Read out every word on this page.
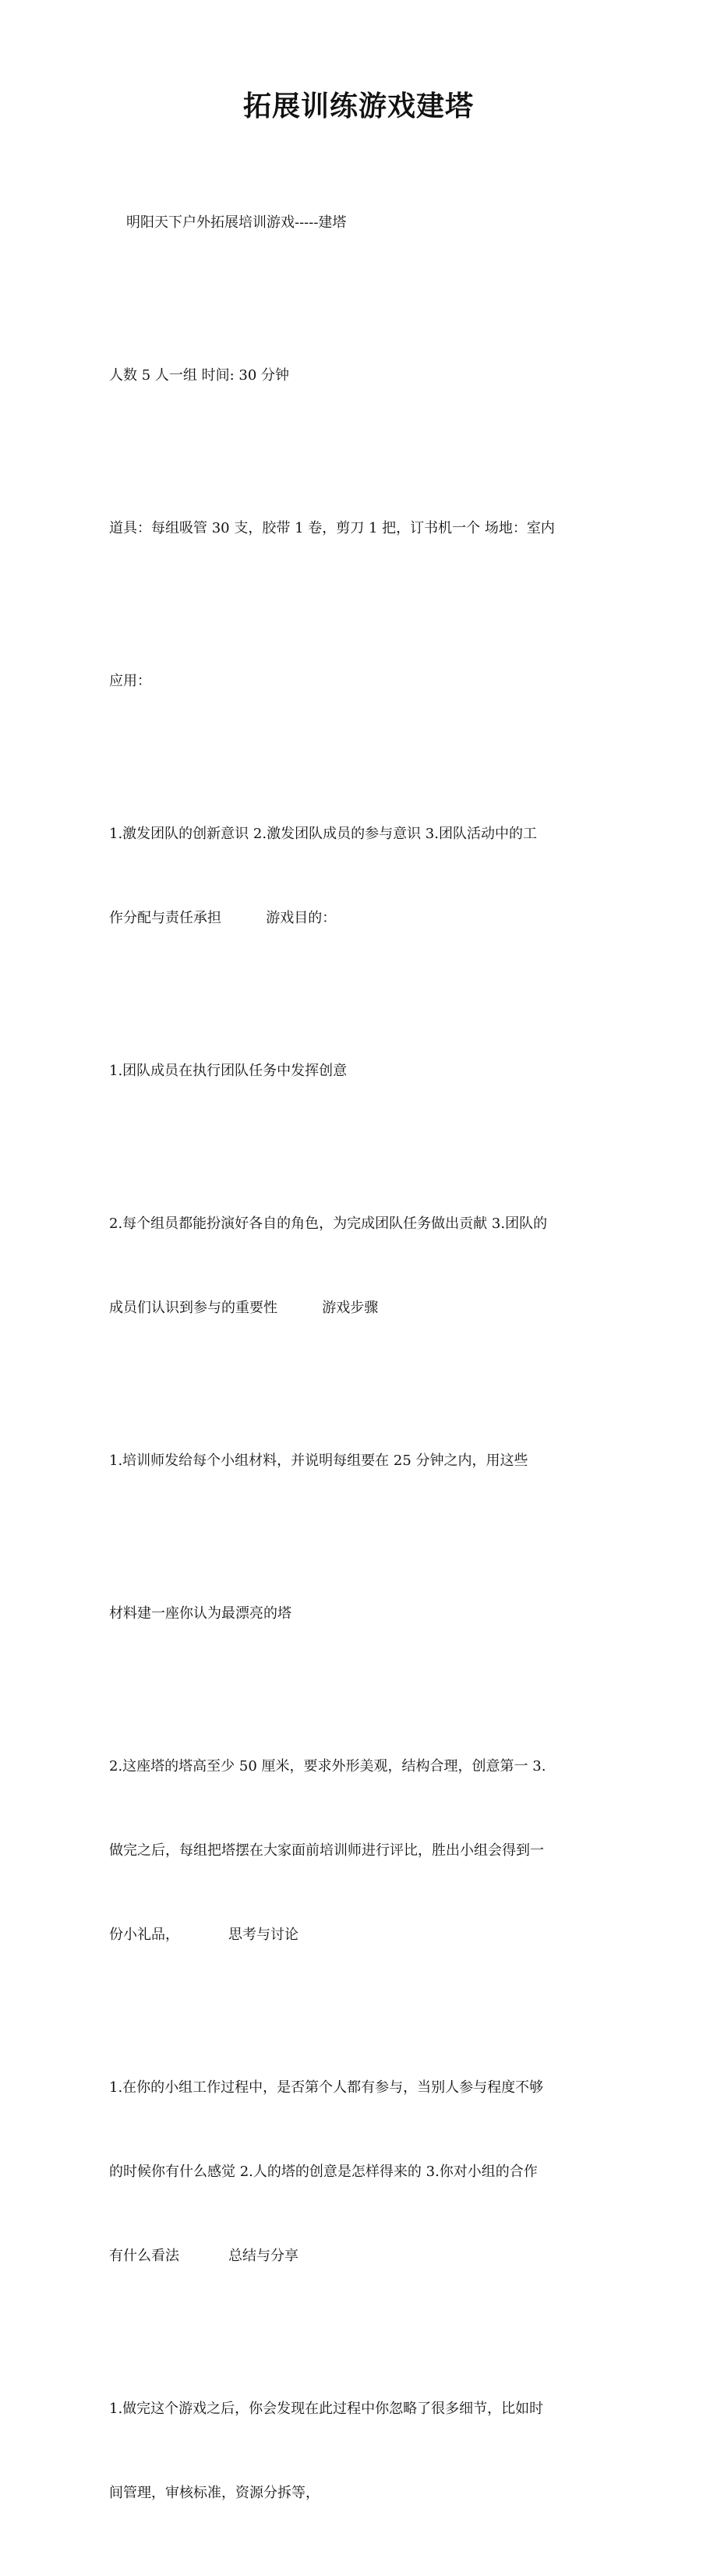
拓展训练游戏建塔

明阳天下户外拓展培训游戏-----建塔

人数 5 人一组 时间: 30 分钟

道具：每组吸管 30 支，胶带 1 卷，剪刀 1 把，订书机一个 场地：室内

应用：

1.激发团队的创新意识 2.激发团队成员的参与意识 3.团队活动中的工

作分配与责任承担          游戏目的：

1.团队成员在执行团队任务中发挥创意

2.每个组员都能扮演好各自的角色，为完成团队任务做出贡献 3.团队的

成员们认识到参与的重要性          游戏步骤

1.培训师发给每个小组材料，并说明每组要在 25 分钟之内，用这些

材料建一座你认为最漂亮的塔

2.这座塔的塔高至少 50 厘米，要求外形美观，结构合理，创意第一 3.

做完之后，每组把塔摆在大家面前培训师进行评比，胜出小组会得到一

份小礼品，           思考与讨论

1.在你的小组工作过程中，是否第个人都有参与，当别人参与程度不够

的时候你有什么感觉 2.人的塔的创意是怎样得来的 3.你对小组的合作

有什么看法           总结与分享

1.做完这个游戏之后，你会发现在此过程中你忽略了很多细节，比如时

间管理，审核标准，资源分拆等，
